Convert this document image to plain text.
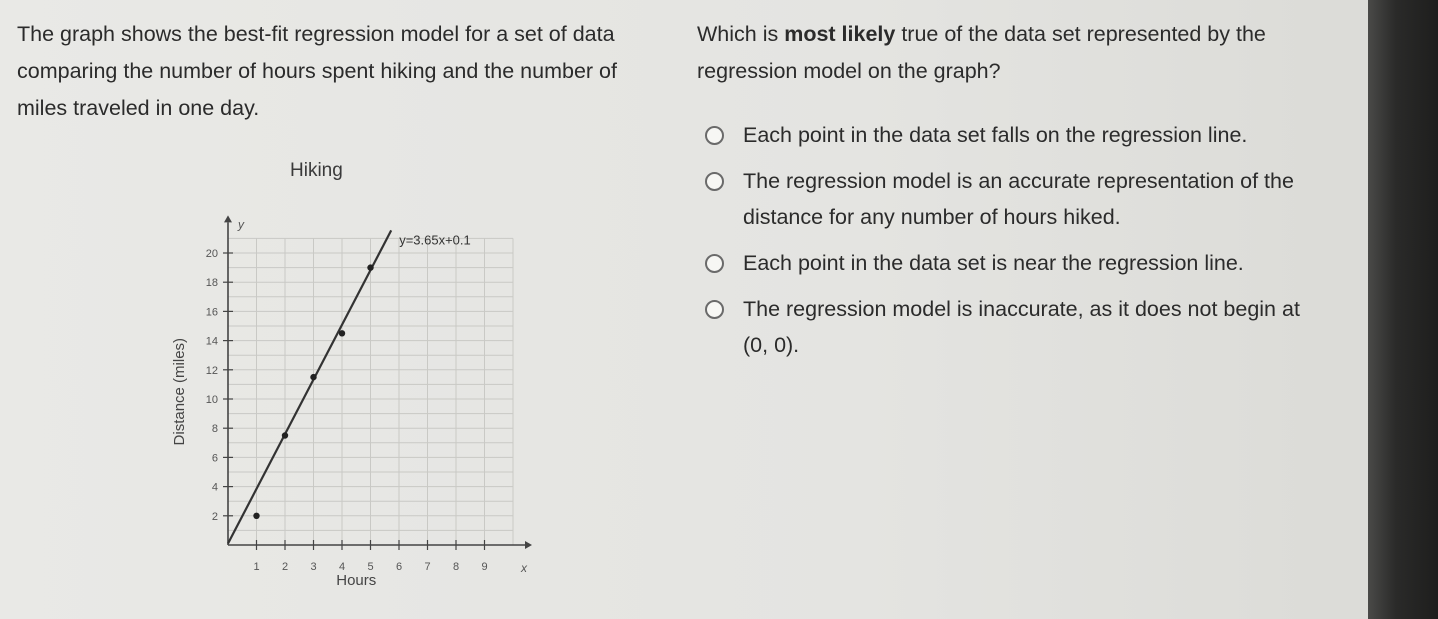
The graph shows the best-fit regression model for a set of data comparing the number of hours spent hiking and the number of miles traveled in one day.
Hiking
y
x
2
4
6
8
10
12
14
16
18
20
1 2 3 4 5 6 7 8 9
Hours
Distance (miles)
y=3.65x+0.1
Which is most likely true of the data set represented by the regression model on the graph?
Each point in the data set falls on the regression line.
The regression model is an accurate representation of the distance for any number of hours hiked.
Each point in the data set is near the regression line.
The regression model is inaccurate, as it does not begin at (0, 0).
